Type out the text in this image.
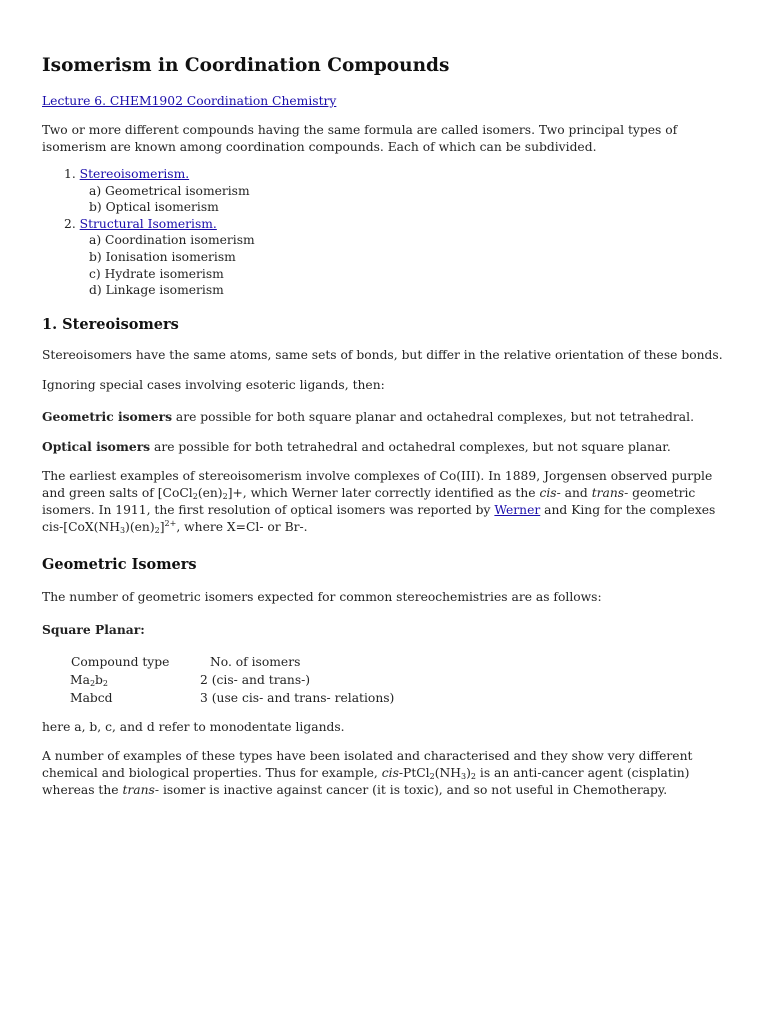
Isomerism in Coordination Compounds
Lecture 6. CHEM1902 Coordination Chemistry

Two or more different compounds having the same formula are called isomers. Two principal types of isomerism are known among coordination compounds. Each of which can be subdivided.

1. Stereoisomerism.
a) Geometrical isomerism
b) Optical isomerism
2. Structural Isomerism.
a) Coordination isomerism
b) Ionisation isomerism
c) Hydrate isomerism
d) Linkage isomerism
1. Stereoisomers

Stereoisomers have the same atoms, same sets of bonds, but differ in the relative orientation of these bonds.

Ignoring special cases involving esoteric ligands, then:

Geometric isomers are possible for both square planar and octahedral complexes, but not tetrahedral.

Optical isomers are possible for both tetrahedral and octahedral complexes, but not square planar.

The earliest examples of stereoisomerism involve complexes of Co(III). In 1889, Jorgensen observed purple and green salts of $[CoCl_2(en)_2]+$, which Werner later correctly identified as the cis- and trans- geometric isomers. In 1911, the first resolution of optical isomers was reported by Werner and King for the complexes cis-$[CoX(NH_3)(en)_2]^{2+}$, where X=Cl- or Br-.

Geometric Isomers

The number of geometric isomers expected for common stereochemistries are as follows:

Square Planar:

Compound type	No. of isomers
$Ma_2b_2$	2 (cis- and trans-)
Mabcd	3 (use cis- and trans- relations)

here a, b, c, and d refer to monodentate ligands.

A number of examples of these types have been isolated and characterised and they show very different chemical and biological properties. Thus for example, cis-$PtCl_2(NH_3)_2$ is an anti-cancer agent (cisplatin) whereas the trans- isomer is inactive against cancer (it is toxic), and so not useful in Chemotherapy.
